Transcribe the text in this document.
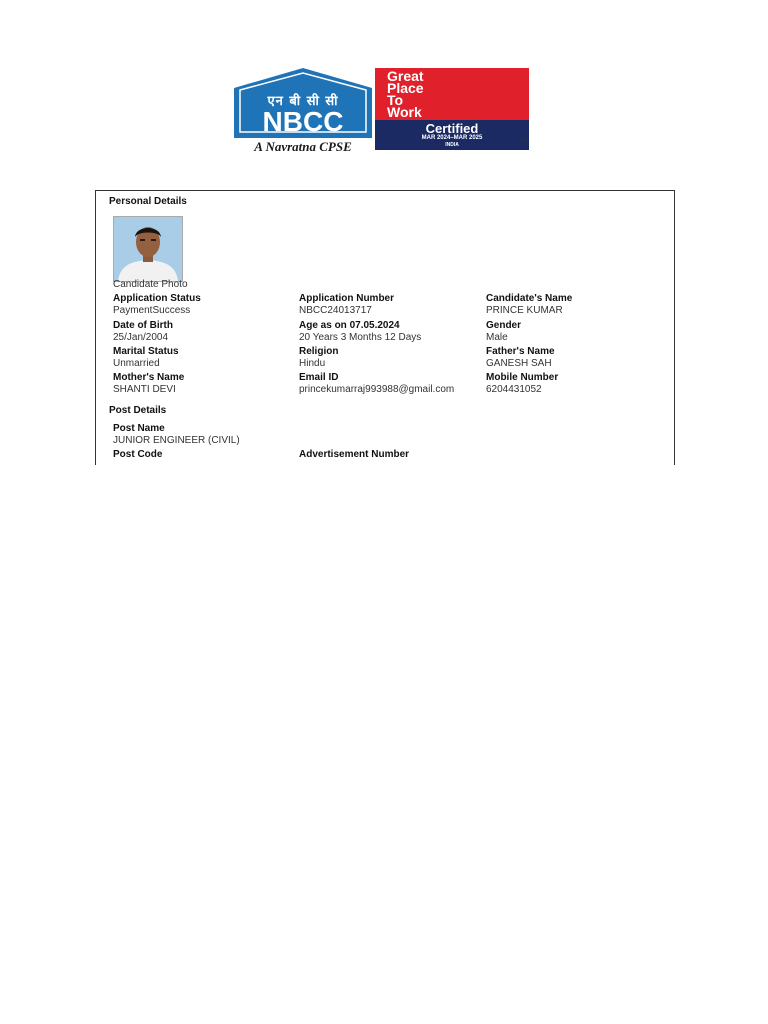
एन बी सी सी
NBCC
A Navratna CPSE
Great
Place
To
Work
Certified
MAR 2024–MAR 2025
INDIA
TM
Personal Details
Candidate Photo
Application Status
PaymentSuccess
Application Number
NBCC24013717
Candidate's Name
PRINCE KUMAR
Date of Birth
25/Jan/2004
Age as on 07.05.2024
20 Years 3 Months 12 Days
Gender
Male
Marital Status
Unmarried
Religion
Hindu
Father's Name
GANESH SAH
Mother's Name
SHANTI DEVI
Email ID
princekumarraj993988@gmail.com
Mobile Number
6204431052
Post Details
Post Name
JUNIOR ENGINEER (CIVIL)
Post Code	Advertisement Number
